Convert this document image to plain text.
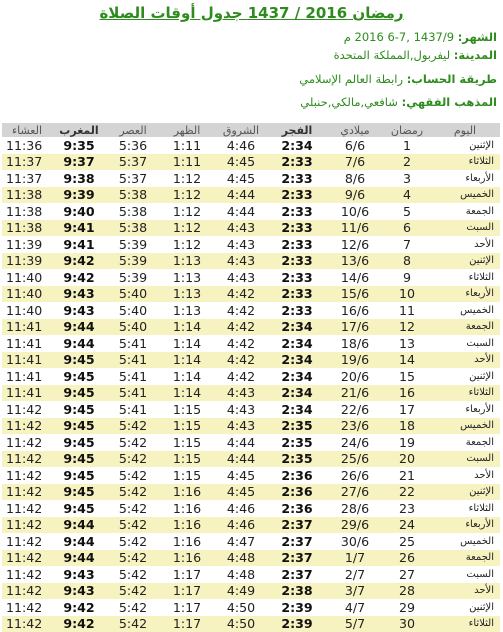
رمضان 2016 / 1437 جدول أوقات الصلاة
الشهر: 1437/9 ,7-6 2016 م
المدينة: ليفربول,المملكة المتحدة
طريقة الحساب: رابطة العالم الإسلامي
المذهب الفقهي: شافعي,مالكي,حنبلي
اليوم	رمضان	ميلادي	الفجر	الشروق	الظهر	العصر	المغرب	العشاء
الإثنين	1	6/6	2:34	4:46	1:11	5:36	9:35	11:36
الثلاثاء	2	7/6	2:33	4:45	1:11	5:37	9:37	11:37
الأربعاء	3	8/6	2:33	4:45	1:12	5:37	9:38	11:37
الخميس	4	9/6	2:33	4:44	1:12	5:38	9:39	11:38
الجمعة	5	10/6	2:33	4:44	1:12	5:38	9:40	11:38
السبت	6	11/6	2:33	4:43	1:12	5:38	9:41	11:38
الأحد	7	12/6	2:33	4:43	1:12	5:39	9:41	11:39
الإثنين	8	13/6	2:33	4:43	1:13	5:39	9:42	11:39
الثلاثاء	9	14/6	2:33	4:43	1:13	5:39	9:42	11:40
الأربعاء	10	15/6	2:33	4:42	1:13	5:40	9:43	11:40
الخميس	11	16/6	2:33	4:42	1:13	5:40	9:43	11:40
الجمعة	12	17/6	2:34	4:42	1:14	5:40	9:44	11:41
السبت	13	18/6	2:34	4:42	1:14	5:41	9:44	11:41
الأحد	14	19/6	2:34	4:42	1:14	5:41	9:45	11:41
الإثنين	15	20/6	2:34	4:42	1:14	5:41	9:45	11:41
الثلاثاء	16	21/6	2:34	4:43	1:14	5:41	9:45	11:41
الأربعاء	17	22/6	2:34	4:43	1:15	5:41	9:45	11:42
الخميس	18	23/6	2:35	4:43	1:15	5:42	9:45	11:42
الجمعة	19	24/6	2:35	4:44	1:15	5:42	9:45	11:42
السبت	20	25/6	2:35	4:44	1:15	5:42	9:45	11:42
الأحد	21	26/6	2:36	4:45	1:15	5:42	9:45	11:42
الإثنين	22	27/6	2:36	4:45	1:16	5:42	9:45	11:42
الثلاثاء	23	28/6	2:36	4:46	1:16	5:42	9:45	11:42
الأربعاء	24	29/6	2:37	4:46	1:16	5:42	9:44	11:42
الخميس	25	30/6	2:37	4:47	1:16	5:42	9:44	11:42
الجمعة	26	1/7	2:37	4:48	1:16	5:42	9:44	11:42
السبت	27	2/7	2:37	4:48	1:17	5:42	9:43	11:42
الأحد	28	3/7	2:38	4:49	1:17	5:42	9:43	11:42
الإثنين	29	4/7	2:39	4:50	1:17	5:42	9:42	11:42
الثلاثاء	30	5/7	2:39	4:50	1:17	5:42	9:42	11:42
